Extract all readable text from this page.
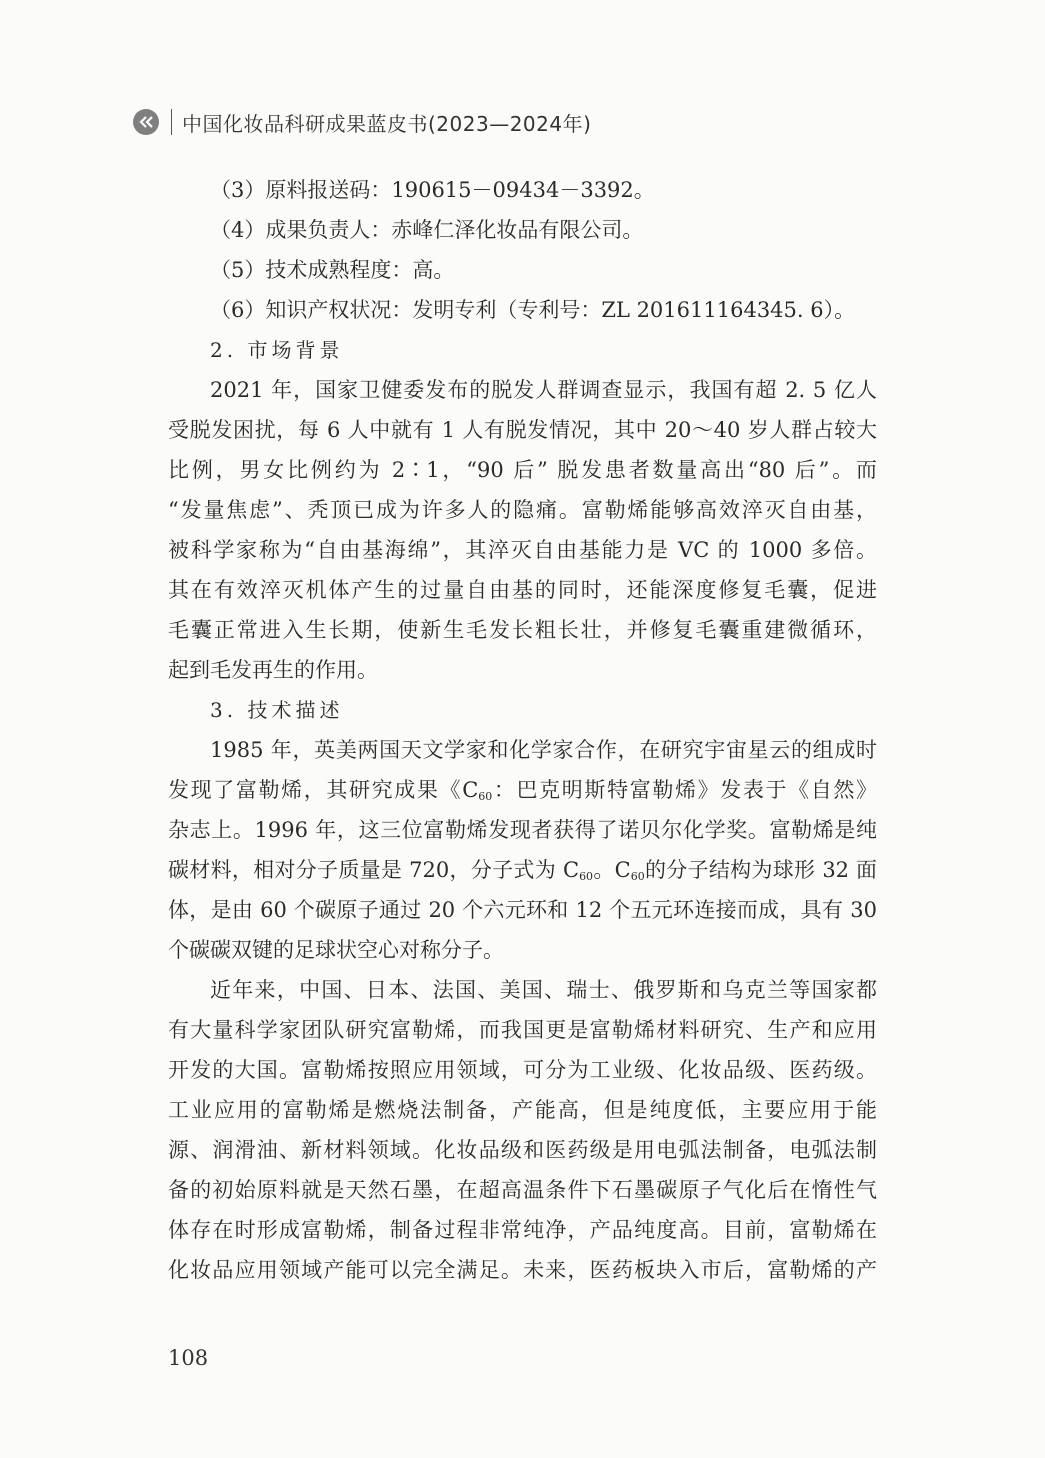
中国化妆品科研成果蓝皮书(2023—2024年)
（3）原料报送码：190615－09434－3392。
（4）成果负责人：赤峰仁泽化妆品有限公司。
（5）技术成熟程度：高。
（6）知识产权状况：发明专利（专利号：ZL 201611164345. 6）。
2. 市场背景
2021 年，国家卫健委发布的脱发人群调查显示，我国有超 2. 5 亿人
受脱发困扰，每 6 人中就有 1 人有脱发情况，其中 20～40 岁人群占较大
比例，男女比例约为 2∶1，“90 后” 脱发患者数量高出“80 后”。而
“发量焦虑”、秃顶已成为许多人的隐痛。富勒烯能够高效淬灭自由基，
被科学家称为“自由基海绵”，其淬灭自由基能力是 VC 的 1000 多倍。
其在有效淬灭机体产生的过量自由基的同时，还能深度修复毛囊，促进
毛囊正常进入生长期，使新生毛发长粗长壮，并修复毛囊重建微循环，
起到毛发再生的作用。
3. 技术描述
1985 年，英美两国天文学家和化学家合作，在研究宇宙星云的组成时
发现了富勒烯，其研究成果《$C_{60}$：巴克明斯特富勒烯》发表于《自然》
杂志上。1996 年，这三位富勒烯发现者获得了诺贝尔化学奖。富勒烯是纯
碳材料，相对分子质量是 720，分子式为 $C_{60}$。$C_{60}$的分子结构为球形 32 面
体，是由 60 个碳原子通过 20 个六元环和 12 个五元环连接而成，具有 30
个碳碳双键的足球状空心对称分子。
近年来，中国、日本、法国、美国、瑞士、俄罗斯和乌克兰等国家都
有大量科学家团队研究富勒烯，而我国更是富勒烯材料研究、生产和应用
开发的大国。富勒烯按照应用领域，可分为工业级、化妆品级、医药级。
工业应用的富勒烯是燃烧法制备，产能高，但是纯度低，主要应用于能
源、润滑油、新材料领域。化妆品级和医药级是用电弧法制备，电弧法制
备的初始原料就是天然石墨，在超高温条件下石墨碳原子气化后在惰性气
体存在时形成富勒烯，制备过程非常纯净，产品纯度高。目前，富勒烯在
化妆品应用领域产能可以完全满足。未来，医药板块入市后，富勒烯的产
108
